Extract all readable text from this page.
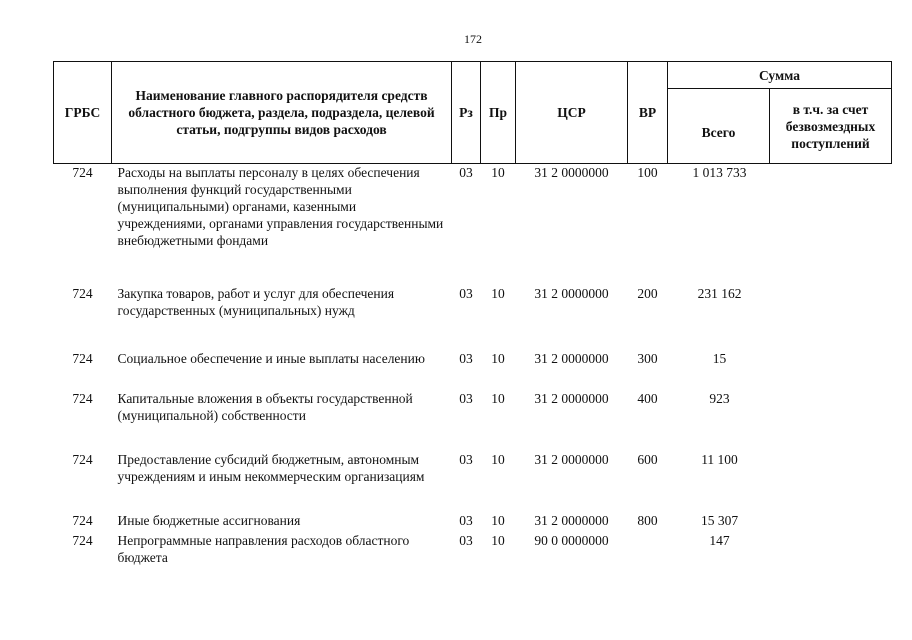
172
ГРБС	Наименование главного распорядителя средств областного бюджета, раздела, подраздела, целевой статьи, подгруппы видов расходов	Рз	Пр	ЦСР	ВР	Сумма	
						Всего	в т.ч. за счет безвозмездных поступлений
724	Расходы на выплаты персоналу в целях обеспечения выполнения функций государственными (муниципальными) органами, казенными учреждениями, органами управления государственными внебюджетными фондами	03	10	31 2 0000000	100	1 013 733	
724	Закупка товаров, работ и услуг для обеспечения государственных (муниципальных) нужд	03	10	31 2 0000000	200	231 162	
724	Социальное обеспечение и иные выплаты населению	03	10	31 2 0000000	300	15	
724	Капитальные вложения в объекты государственной (муниципальной) собственности	03	10	31 2 0000000	400	923	
724	Предоставление субсидий бюджетным, автономным учреждениям и иным некоммерческим организациям	03	10	31 2 0000000	600	11 100	
724	Иные бюджетные ассигнования	03	10	31 2 0000000	800	15 307	
724	Непрограммные направления расходов областного бюджета	03	10	90 0 0000000		147	
